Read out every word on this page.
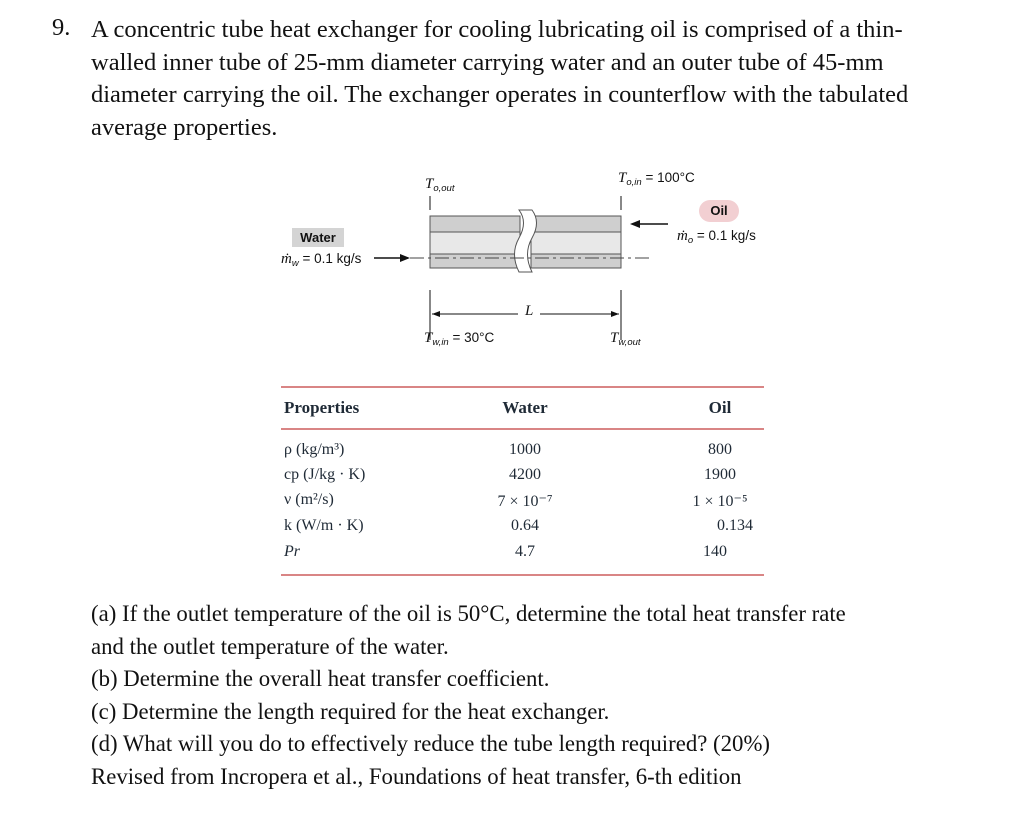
9. A concentric tube heat exchanger for cooling lubricating oil is comprised of a thin-
walled inner tube of 25-mm diameter carrying water and an outer tube of 45-mm
diameter carrying the oil. The exchanger operates in counterflow with the tabulated
average properties.
$T_{o,out}$
$T_{o,in} = 100^\circ C$
Oil
ṁ$_o$ = 0.1 kg/s
Water
ṁ$_w$ = 0.1 kg/s
L
$T_{w,in} = 30^\circ C$	$T_{w,out}$
Properties	Water	Oil
ρ (kg/m³)	1000	800
cp (J/kg · K)	4200	1900
ν (m²/s)	7 × 10⁻⁷	1 × 10⁻⁵
k (W/m · K)	0.64	0.134
Pr	4.7	140
(a) If the outlet temperature of the oil is 50°C, determine the total heat transfer rate
and the outlet temperature of the water.
(b) Determine the overall heat transfer coefficient.
(c) Determine the length required for the heat exchanger.
(d) What will you do to effectively reduce the tube length required? (20%)
Revised from Incropera et al., Foundations of heat transfer, 6-th edition
